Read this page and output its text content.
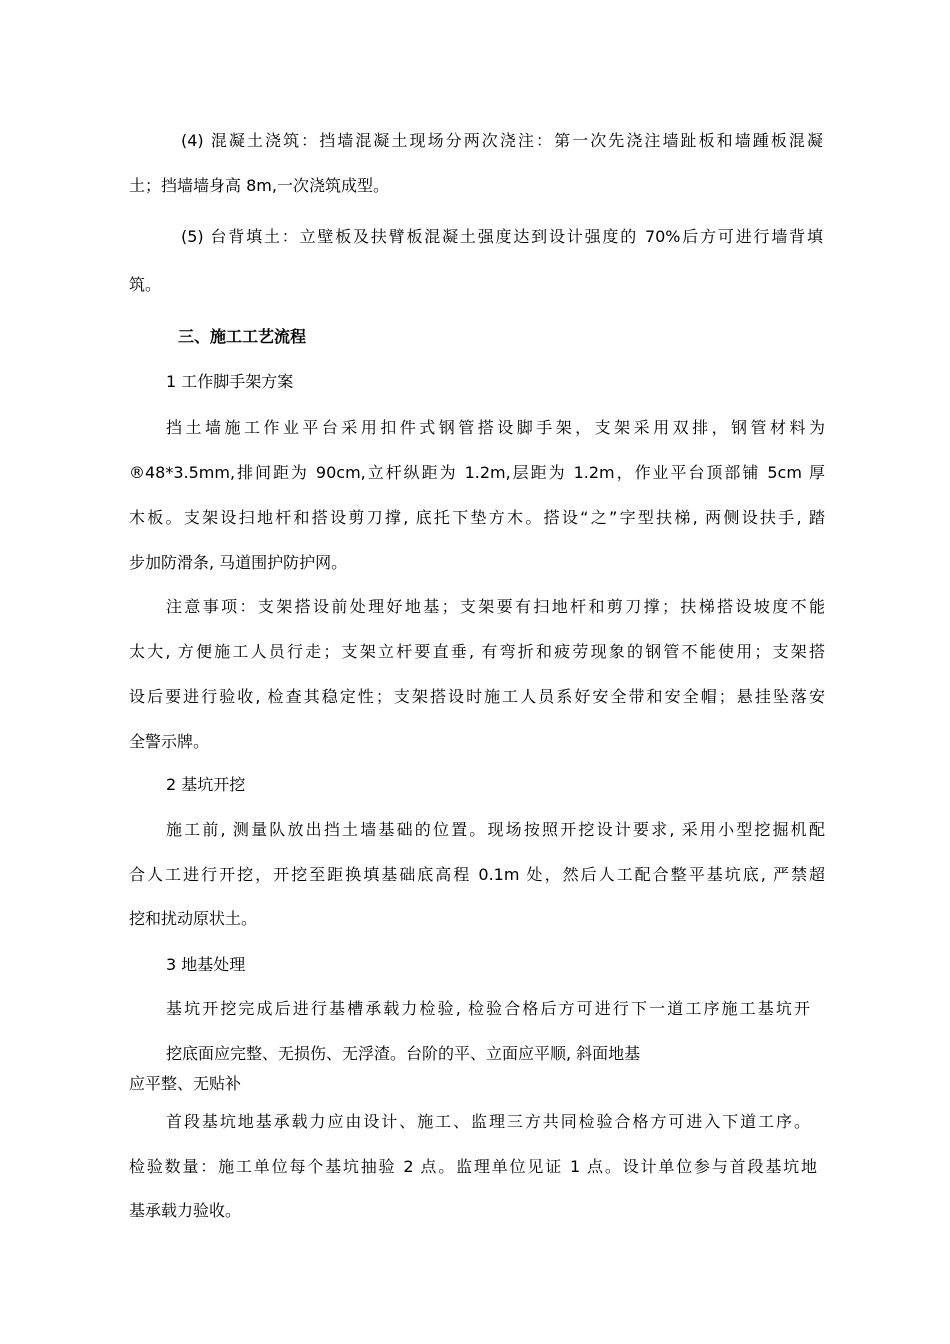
(4) 混凝土浇筑：挡墙混凝土现场分两次浇注：第一次先浇注墙趾板和墙踵板混凝
土；挡墙墙身高 8m,一次浇筑成型。
(5) 台背填土：立壁板及扶臂板混凝土强度达到设计强度的 70%后方可进行墙背填
筑。
三、施工工艺流程
1 工作脚手架方案
挡土墙施工作业平台采用扣件式钢管搭设脚手架，支架采用双排，钢管材料为
®48*3.5mm,排间距为 90cm,立杆纵距为 1.2m,层距为 1.2m，作业平台顶部铺 5cm 厚
木板。支架设扫地杆和搭设剪刀撑, 底托下垫方木。搭设“之”字型扶梯, 两侧设扶手, 踏
步加防滑条, 马道围护防护网。
注意事项：支架搭设前处理好地基；支架要有扫地杆和剪刀撑；扶梯搭设坡度不能
太大, 方便施工人员行走；支架立杆要直垂, 有弯折和疲劳现象的钢管不能使用；支架搭
设后要进行验收, 检查其稳定性；支架搭设时施工人员系好安全带和安全帽；悬挂坠落安
全警示牌。
2 基坑开挖
施工前, 测量队放出挡土墙基础的位置。现场按照开挖设计要求, 采用小型挖掘机配
合人工进行开挖，开挖至距换填基础底高程 0.1m 处，然后人工配合整平基坑底, 严禁超
挖和扰动原状土。
3 地基处理
基坑开挖完成后进行基槽承载力检验, 检验合格后方可进行下一道工序施工基坑开
挖底面应完整、无损伤、无浮渣。台阶的平、立面应平顺, 斜面地基
应平整、无贴补
首段基坑地基承载力应由设计、施工、监理三方共同检验合格方可进入下道工序。
检验数量：施工单位每个基坑抽验 2 点。监理单位见证 1 点。设计单位参与首段基坑地
基承载力验收。
